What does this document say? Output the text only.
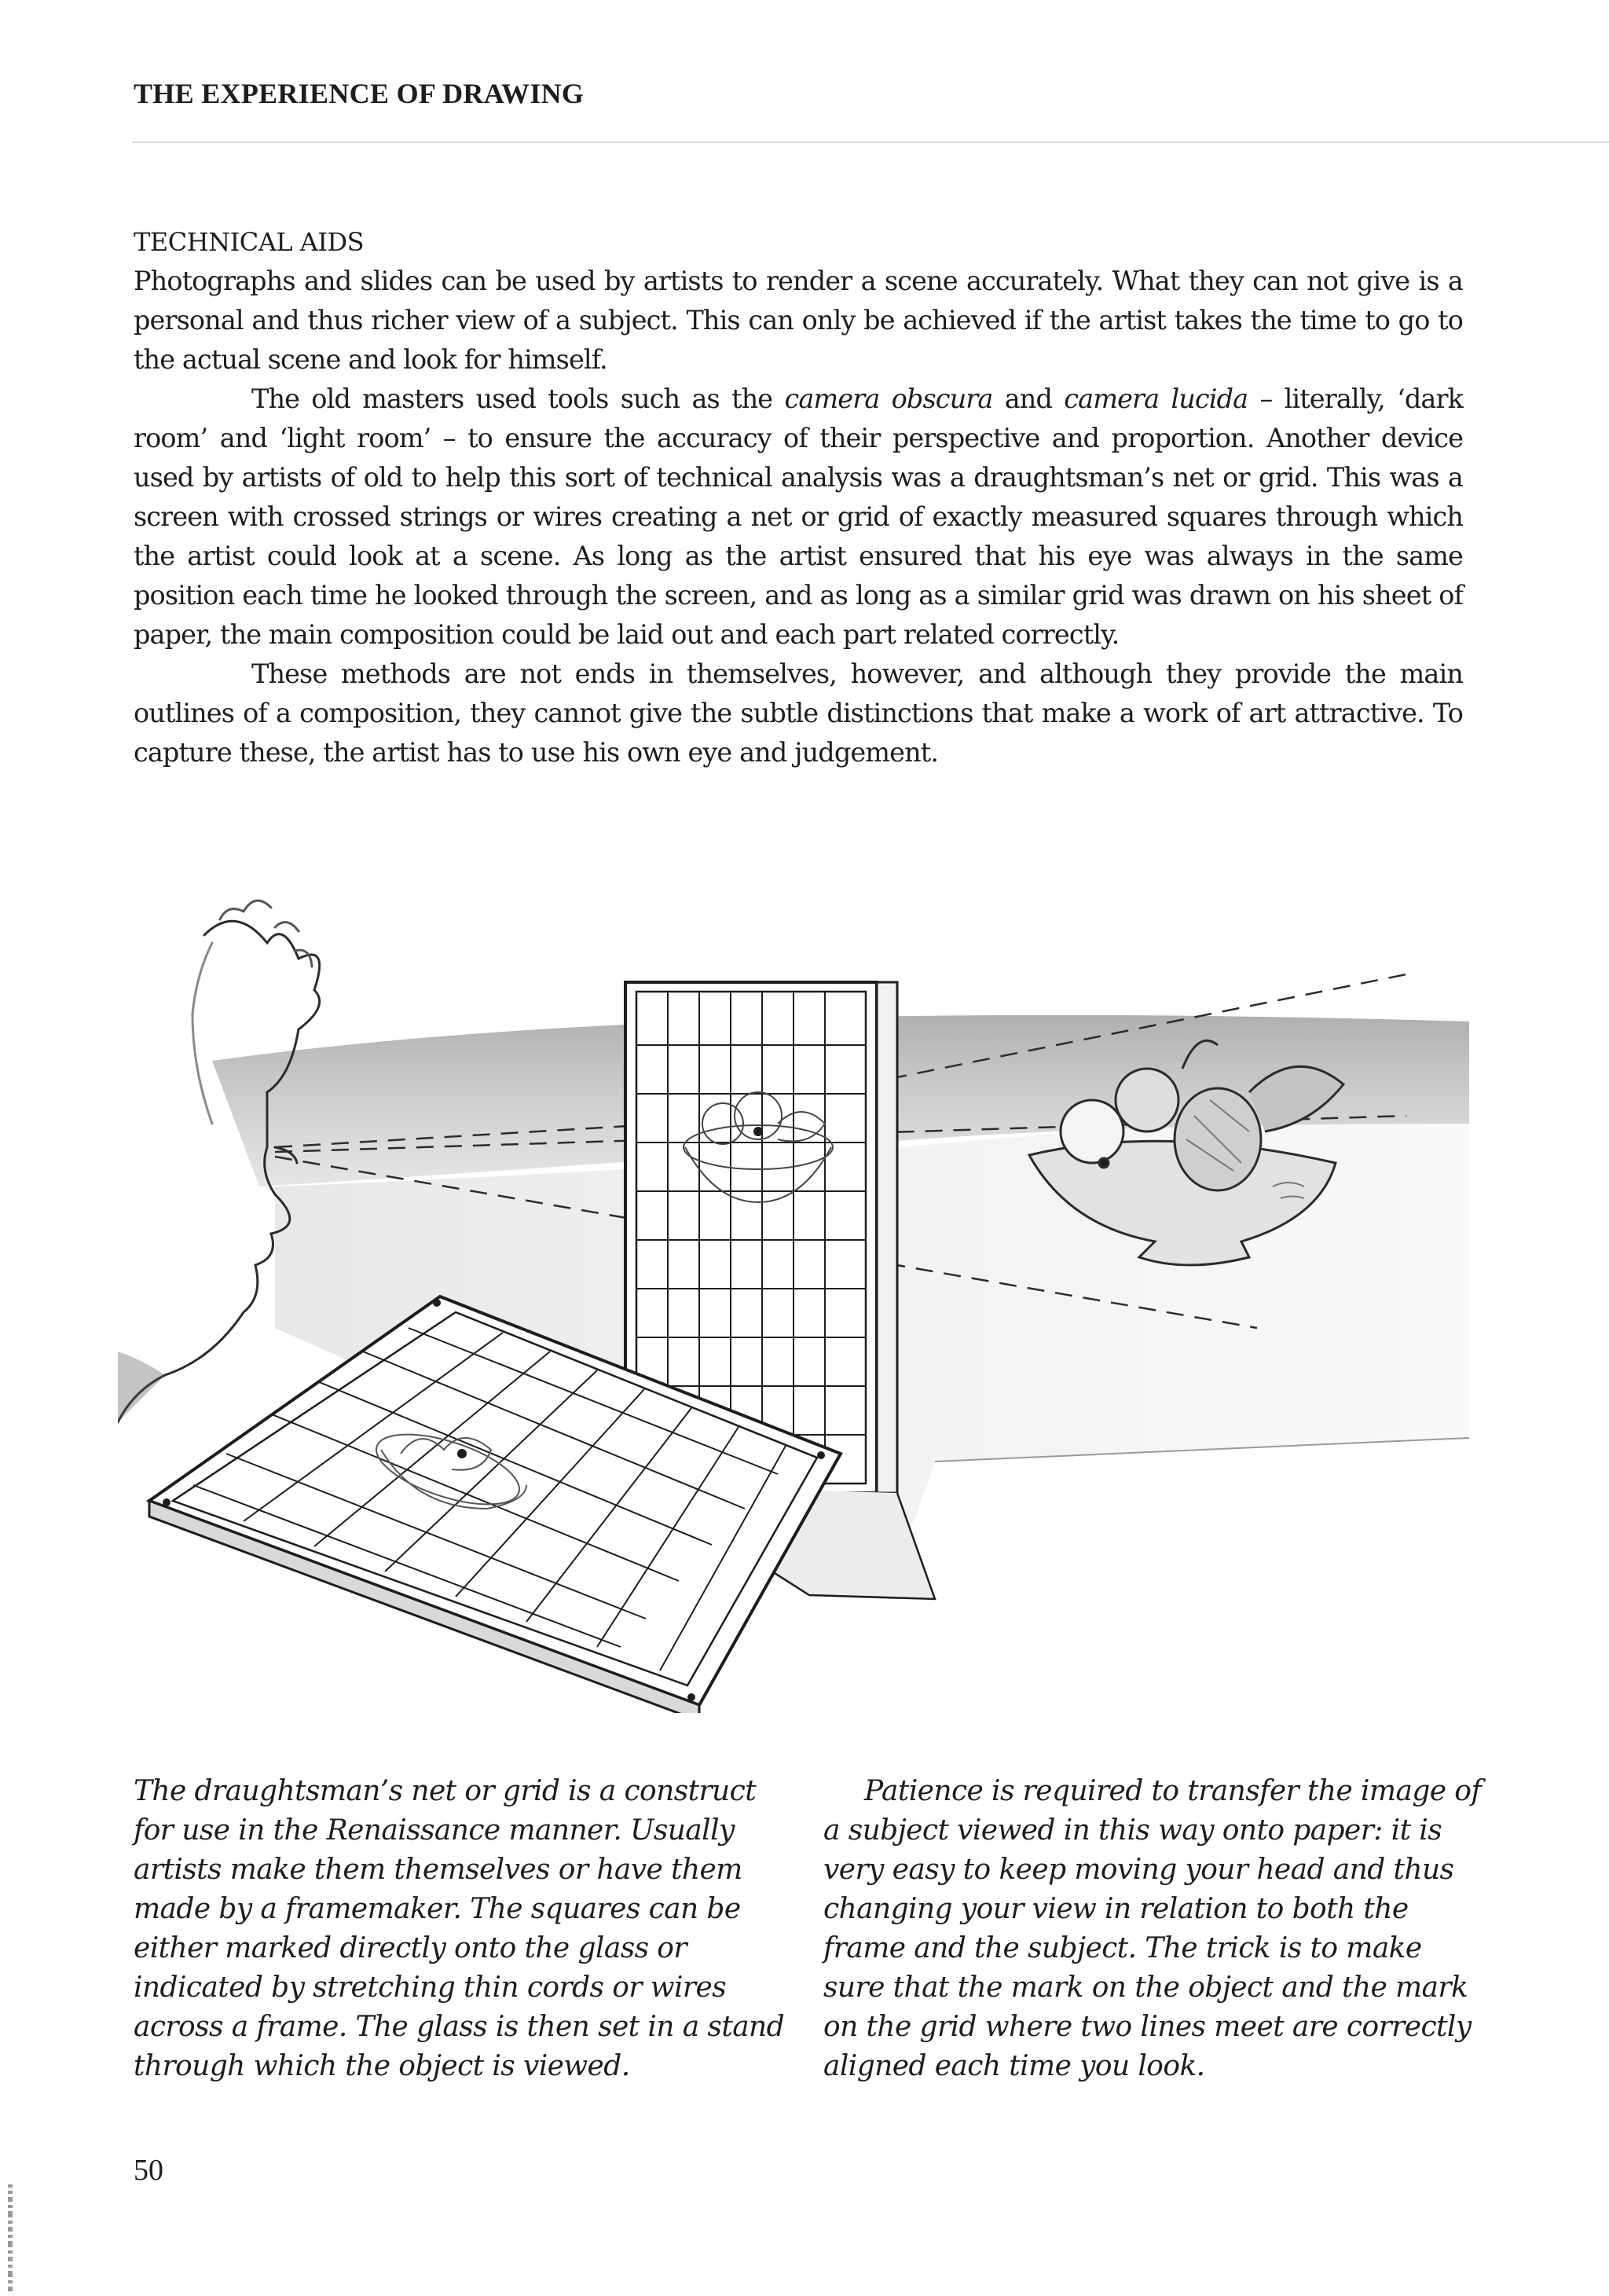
THE EXPERIENCE OF DRAWING
TECHNICAL AIDS

Photographs and slides can be used by artists to render a scene accurately. What they can not give is a personal and thus richer view of a subject. This can only be achieved if the artist takes the time to go to the actual scene and look for himself.

The old masters used tools such as the camera obscura and camera lucida – literally, ‘dark room’ and ‘light room’ – to ensure the accuracy of their perspective and proportion. Another device used by artists of old to help this sort of technical analysis was a draughtsman’s net or grid. This was a screen with crossed strings or wires creating a net or grid of exactly measured squares through which the artist could look at a scene. As long as the artist ensured that his eye was always in the same position each time he looked through the screen, and as long as a similar grid was drawn on his sheet of paper, the main composition could be laid out and each part related correctly.

These methods are not ends in themselves, however, and although they provide the main outlines of a composition, they cannot give the subtle distinctions that make a work of art attractive. To capture these, the artist has to use his own eye and judgement.

The draughtsman’s net or grid is a construct for use in the Renaissance manner. Usually artists make them themselves or have them made by a framemaker. The squares can be either marked directly onto the glass or indicated by stretching thin cords or wires across a frame. The glass is then set in a stand through which the object is viewed.

Patience is required to transfer the image of a subject viewed in this way onto paper: it is very easy to keep moving your head and thus changing your view in relation to both the frame and the subject. The trick is to make sure that the mark on the object and the mark on the grid where two lines meet are correctly aligned each time you look.

50
